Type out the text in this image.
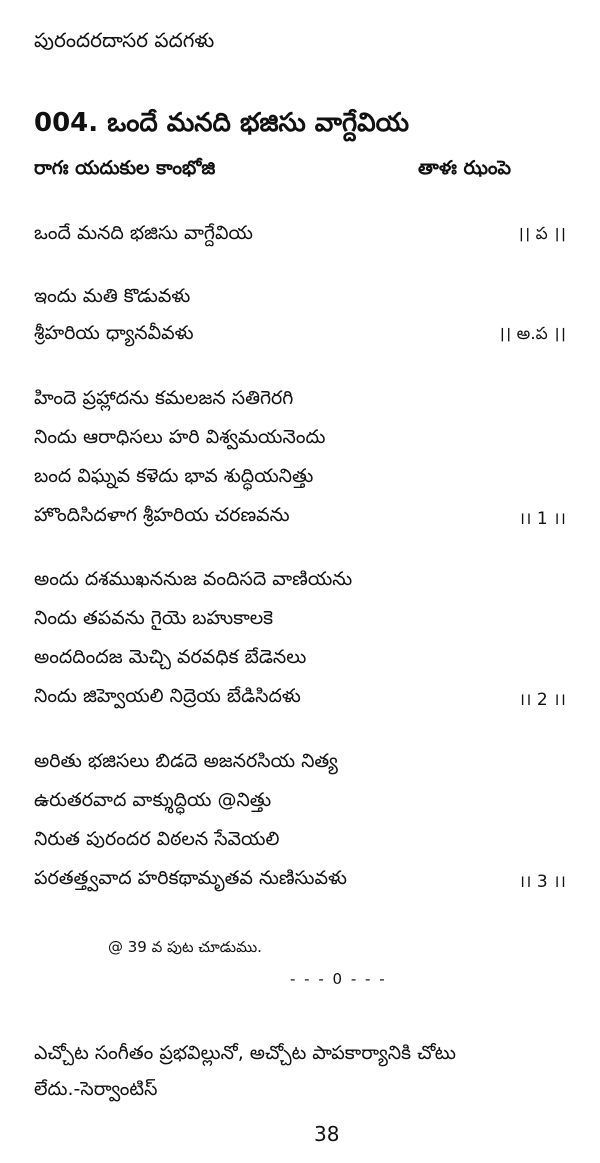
పురందరదాసర పదగళు
004. ఒందే మనది భజిసు వాగ్దేవియ
రాగః యదుకుల కాంభోజి	తాళః ఝంపె
ఒందే మనది భజిసు వాగ్దేవియ	।। ప ।।
ఇందు మతి కొడువళు
శ్రీహరియ ధ్యానవీవళు	।। అ.ప ।।
హిందె ప్రహ్లాదను కమలజన సతిగెరగి
నిందు ఆరాధిసలు హరి విశ్వమయనెందు
బంద విఘ్నవ కళెదు భావ శుద్ధియనిత్తు
హొందిసిదళాగ శ్రీహరియ చరణవను	।। 1 ।।
అందు దశముఖననుజ వందిసదె వాణియను
నిందు తపవను గైయె బహుకాలకె
అందదిందజ మెచ్చి వరవధిక బేడెనలు
నిందు జిహ్వెయలి నిద్రెయ బేడిసిదళు	।। 2 ।।
అరితు భజిసలు బిడదె అజనరసియ నిత్య
ఉరుతరవాద వాక్శుద్ధియ @నిత్తు
నిరుత పురందర విఠలన సేవెయలి
పరతత్త్వవాద హరికథామృతవ నుణిసువళు	।। 3 ।।
@ 39 వ పుట చూడుము.
- - - 0 - - -
ఎచ్చోట సంగీతం ప్రభవిల్లునో, అచ్చోట పాపకార్యానికి చోటు
లేదు.-సెర్వాంటిస్
38
